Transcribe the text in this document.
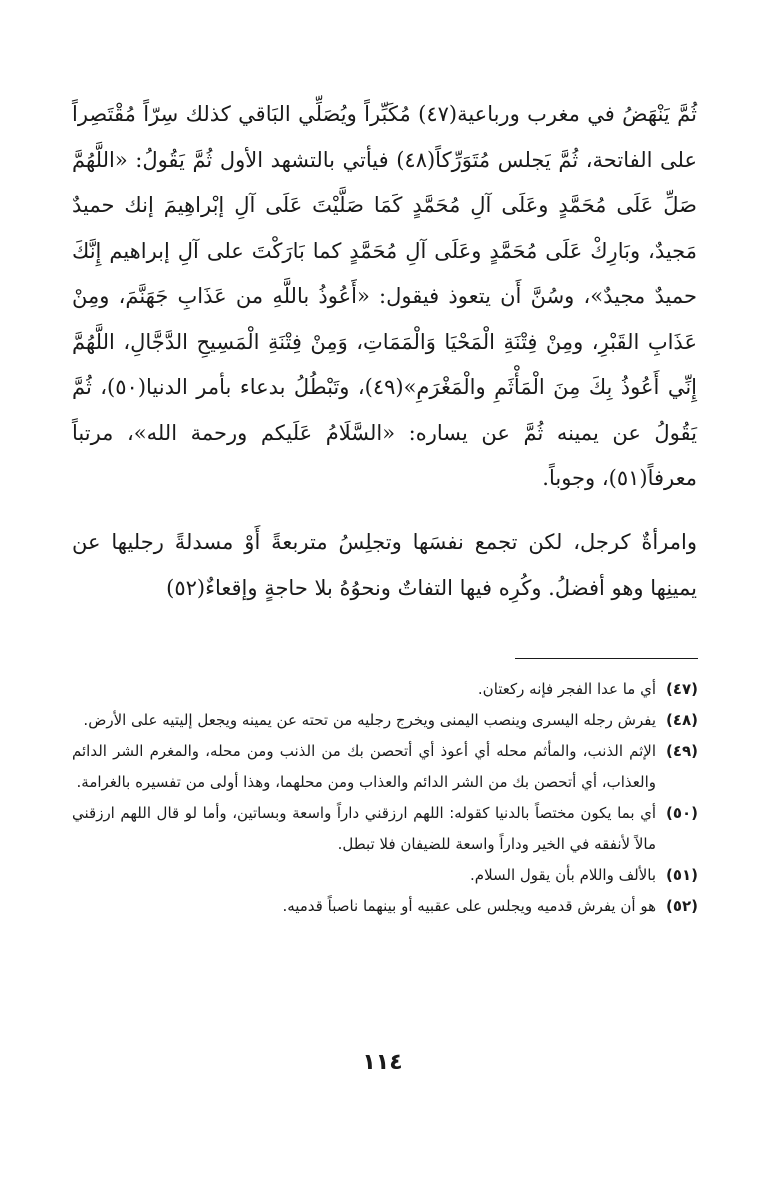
ثُمَّ يَنْهَضُ في مغرب ورباعية(٤٧) مُكَبِّراً ويُصَلِّي البَاقي كذلك سِرّاً مُقْتَصِراً على الفاتحة، ثُمَّ يَجلس مُتَوَرِّكاً(٤٨) فيأتي بالتشهد الأول ثُمَّ يَقُولُ: «اللَّهُمَّ صَلِّ عَلَى مُحَمَّدٍ وعَلَى آلِ مُحَمَّدٍ كَمَا صَلَّيْتَ عَلَى آلِ إبْراهِيمَ إنك حميدٌ مَجيدٌ، وبَارِكْ عَلَى مُحَمَّدٍ وعَلَى آلِ مُحَمَّدٍ كما بَارَكْتَ على آلِ إبراهيم إِنَّكَ حميدٌ مجيدٌ»، وسُنَّ أَن يتعوذ فيقول: «أَعُوذُ باللَّهِ من عَذَابِ جَهَنَّمَ، ومِنْ عَذَابِ القَبْرِ، ومِنْ فِتْنَةِ الْمَحْيَا وَالْمَمَاتِ، وَمِنْ فِتْنَةِ الْمَسِيحِ الدَّجَّالِ، اللَّهُمَّ إِنِّي أَعُوذُ بِكَ مِنَ الْمَأْثَمِ والْمَغْرَمِ»(٤٩)، وتَبْطُلُ بدعاء بأمر الدنيا(٥٠)، ثُمَّ يَقُولُ عن يمينه ثُمَّ عن يساره: «السَّلَامُ عَلَيكم ورحمة الله»، مرتباً معرفاً(٥١)، وجوباً.

وامرأةٌ كرجل، لكن تجمع نفسَها وتجلِسُ متربعةً أَوْ مسدلةً رجليها عن يمينِها وهو أفضلُ. وكُرِه فيها التفاتٌ ونحوُهُ بلا حاجةٍ وإقعاءٌ(٥٢)

(٤٧)
أي ما عدا الفجر فإنه ركعتان.
(٤٨)
يفرش رجله اليسرى وينصب اليمنى ويخرج رجليه من تحته عن يمينه ويجعل إليتيه على الأرض.
(٤٩)
الإثم الذنب، والمأثم محله أي أعوذ أي أتحصن بك من الذنب ومن محله، والمغرم الشر الدائم والعذاب، أي أتحصن بك من الشر الدائم والعذاب ومن محلهما، وهذا أولى من تفسيره بالغرامة.
(٥٠)
أي بما يكون مختصاً بالدنيا كقوله: اللهم ارزقني داراً واسعة وبساتين، وأما لو قال اللهم ارزقني مالاً لأنفقه في الخير وداراً واسعة للضيفان فلا تبطل.
(٥١)
بالألف واللام بأن يقول السلام.
(٥٢)
هو أن يفرش قدميه ويجلس على عقبيه أو بينهما ناصباً قدميه.
١١٤
